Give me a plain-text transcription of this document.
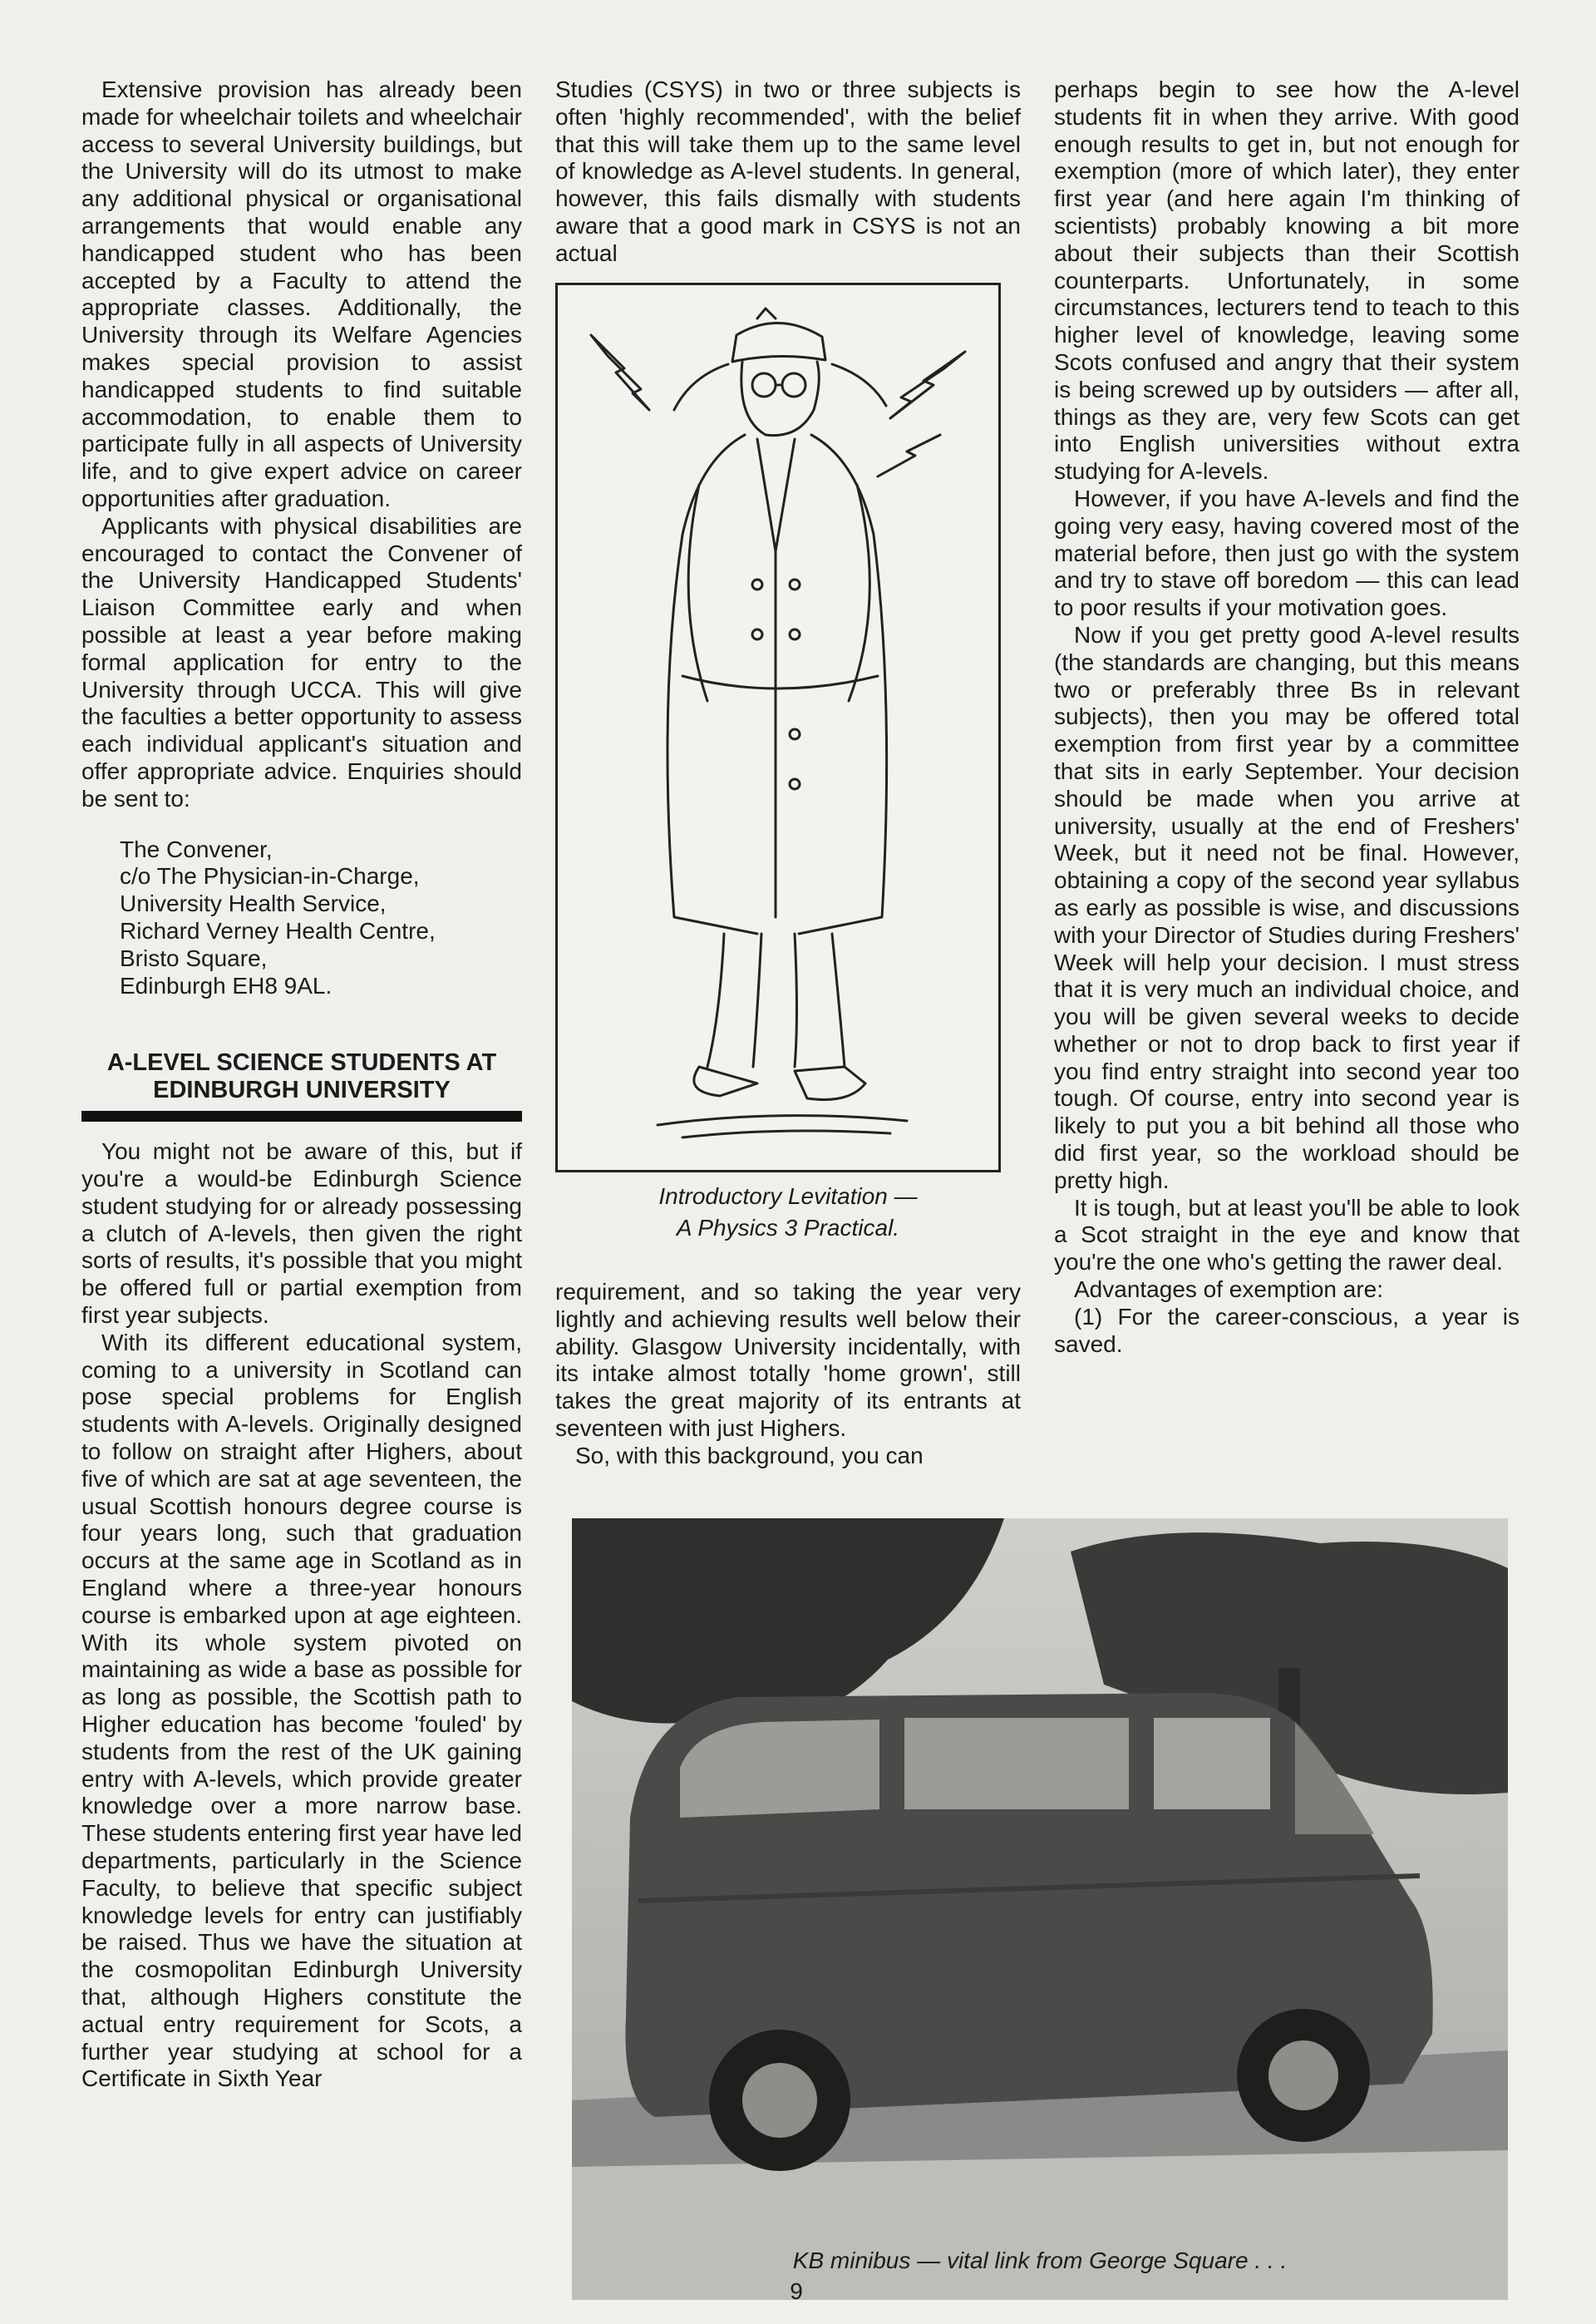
Extensive provision has already been made for wheelchair toilets and wheelchair access to several University buildings, but the University will do its utmost to make any additional physical or organisational arrangements that would enable any handicapped student who has been accepted by a Faculty to attend the appropriate classes. Additionally, the University through its Welfare Agencies makes special provision to assist handicapped students to find suitable accommodation, to enable them to participate fully in all aspects of University life, and to give expert advice on career opportunities after graduation.

Applicants with physical disabilities are encouraged to contact the Convener of the University Handicapped Students' Liaison Committee early and when possible at least a year before making formal application for entry to the University through UCCA. This will give the faculties a better opportunity to assess each individual applicant's situation and offer appropriate advice. Enquiries should be sent to:

The Convener,
c/o The Physician-in-Charge,
University Health Service,
Richard Verney Health Centre,
Bristo Square,
Edinburgh EH8 9AL.
A-LEVEL SCIENCE STUDENTS AT
EDINBURGH UNIVERSITY

You might not be aware of this, but if you're a would-be Edinburgh Science student studying for or already possessing a clutch of A-levels, then given the right sorts of results, it's possible that you might be offered full or partial exemption from first year subjects.

With its different educational system, coming to a university in Scotland can pose special problems for English students with A-levels. Originally designed to follow on straight after Highers, about five of which are sat at age seventeen, the usual Scottish honours degree course is four years long, such that graduation occurs at the same age in Scotland as in England where a three-year honours course is embarked upon at age eighteen. With its whole system pivoted on maintaining as wide a base as possible for as long as possible, the Scottish path to Higher education has become 'fouled' by students from the rest of the UK gaining entry with A-levels, which provide greater knowledge over a more narrow base. These students entering first year have led departments, particularly in the Science Faculty, to believe that specific subject knowledge levels for entry can justifiably be raised. Thus we have the situation at the cosmopolitan Edinburgh University that, although Highers constitute the actual entry requirement for Scots, a further year studying at school for a Certificate in Sixth Year

Studies (CSYS) in two or three subjects is often 'highly recommended', with the belief that this will take them up to the same level of knowledge as A-level students. In general, however, this fails dismally with students aware that a good mark in CSYS is not an actual

Introductory Levitation —
A Physics 3 Practical.

requirement, and so taking the year very lightly and achieving results well below their ability. Glasgow University incidentally, with its intake almost totally 'home grown', still takes the great majority of its entrants at seventeen with just Highers.

So, with this background, you can

perhaps begin to see how the A-level students fit in when they arrive. With good enough results to get in, but not enough for exemption (more of which later), they enter first year (and here again I'm thinking of scientists) probably knowing a bit more about their subjects than their Scottish counterparts. Unfortunately, in some circumstances, lecturers tend to teach to this higher level of knowledge, leaving some Scots confused and angry that their system is being screwed up by outsiders — after all, things as they are, very few Scots can get into English universities without extra studying for A-levels.

However, if you have A-levels and find the going very easy, having covered most of the material before, then just go with the system and try to stave off boredom — this can lead to poor results if your motivation goes.

Now if you get pretty good A-level results (the standards are changing, but this means two or preferably three Bs in relevant subjects), then you may be offered total exemption from first year by a committee that sits in early September. Your decision should be made when you arrive at university, usually at the end of Freshers' Week, but it need not be final. However, obtaining a copy of the second year syllabus as early as possible is wise, and discussions with your Director of Studies during Freshers' Week will help your decision. I must stress that it is very much an individual choice, and you will be given several weeks to decide whether or not to drop back to first year if you find entry straight into second year too tough. Of course, entry into second year is likely to put you a bit behind all those who did first year, so the workload should be pretty high.

It is tough, but at least you'll be able to look a Scot straight in the eye and know that you're the one who's getting the rawer deal.

Advantages of exemption are:

(1) For the career-conscious, a year is saved.

KB minibus — vital link from George Square . . .
9
